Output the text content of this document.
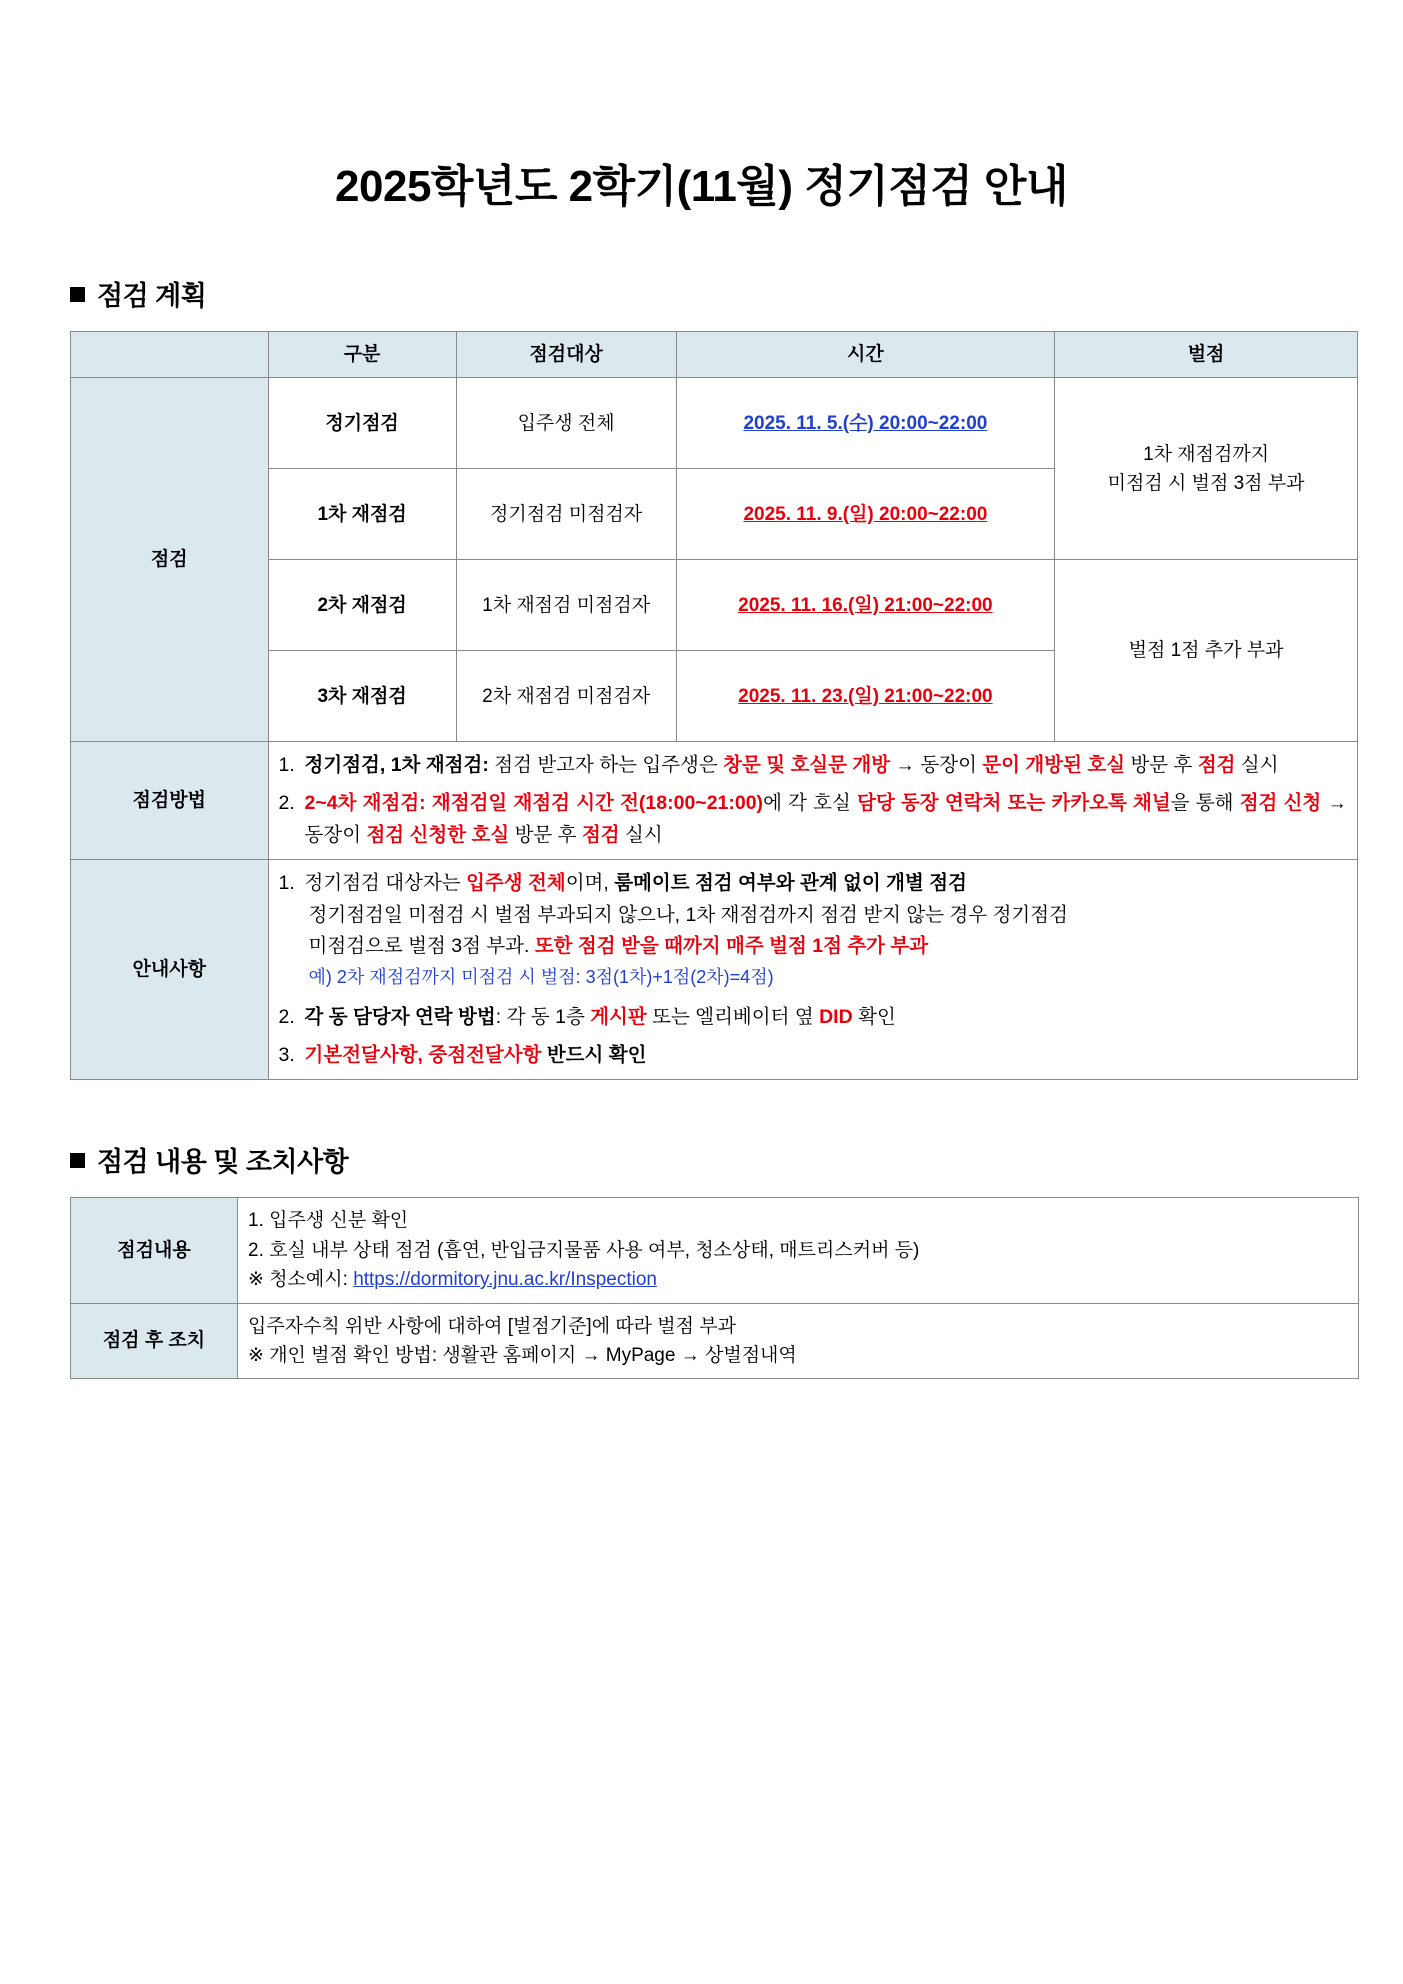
2025학년도 2학기(11월) 정기점검 안내
점검 계획
	구분	점검대상	시간	벌점
점검	정기점검	입주생 전체	2025. 11. 5.(수) 20:00~22:00	1차 재점검까지
미점검 시 벌점 3점 부과

	1차 재점검	정기점검 미점검자	2025. 11. 9.(일) 20:00~22:00	
	2차 재점검	1차 재점검 미점검자	2025. 11. 16.(일) 21:00~22:00	벌점 1점 추가 부과
	3차 재점검	2차 재점검 미점검자	2025. 11. 23.(일) 21:00~22:00	
점검방법	
1. 정기점검, 1차 재점검: 점검 받고자 하는 입주생은 창문 및 호실문 개방 → 동장이 문이 개방된 호실 방문 후 점검 실시
2. 2~4차 재점검: 재점검일 재점검 시간 전(18:00~21:00)에 각 호실 담당 동장 연락처 또는 카카오톡 채널을 통해 점검 신청 → 동장이 점검 신청한 호실 방문 후 점검 실시

안내사항	
1. 정기점검 대상자는 입주생 전체이며, 룸메이트 점검 여부와 관계 없이 개별 점검
정기점검일 미점검 시 벌점 부과되지 않으나, 1차 재점검까지 점검 받지 않는 경우 정기점검
미점검으로 벌점 3점 부과. 또한 점검 받을 때까지 매주 벌점 1점 추가 부과
예) 2차 재점검까지 미점검 시 벌점: 3점(1차)+1점(2차)=4점)
2. 각 동 담당자 연락 방법: 각 동 1층 게시판 또는 엘리베이터 옆 DID 확인
3. 기본전달사항, 중점전달사항 반드시 확인
점검 내용 및 조치사항
점검내용	1. 입주생 신분 확인
2. 호실 내부 상태 점검 (흡연, 반입금지물품 사용 여부, 청소상태, 매트리스커버 등)
※ 청소예시: https://dormitory.jnu.ac.kr/Inspection

점검 후 조치	입주자수칙 위반 사항에 대하여 [벌점기준]에 따라 벌점 부과
※ 개인 벌점 확인 방법: 생활관 홈페이지 → MyPage → 상벌점내역
